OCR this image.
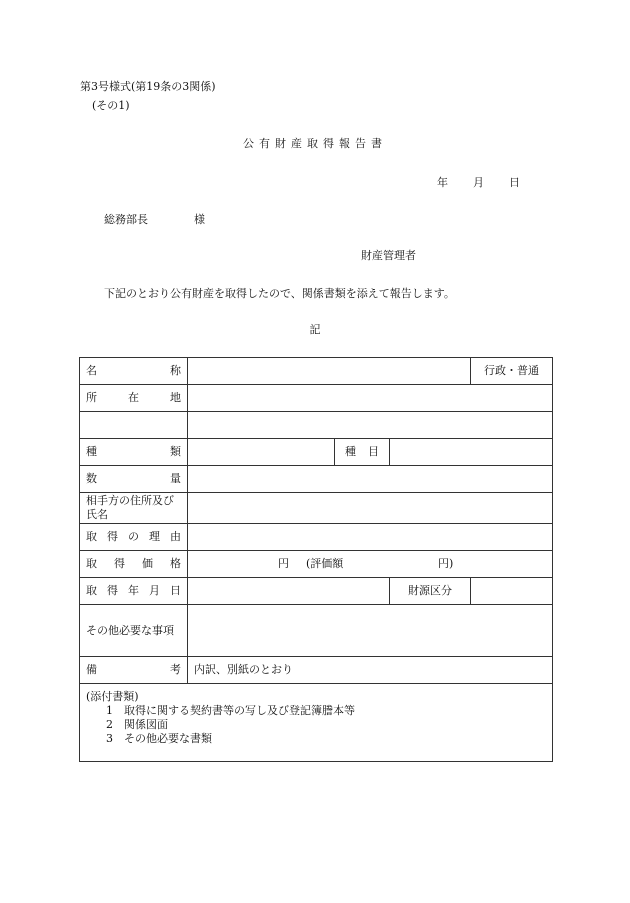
第3号様式(第19条の3関係)
(その1)
公有財産取得報告書
年 月 日
総務部長	様
財産管理者
下記のとおり公有財産を取得したので、関係書類を添えて報告します。
記
名称				行政・普通
所在地				

種類		種目		
数量				
相手方の住所及び氏名				
取得の理由				
取得価格	円 (評価額 円)			

取得年月日			財源区分	
その他必要な事項				
備考	内訳、別紙のとおり			

(添付書類)
1　取得に関する契約書等の写し及び登記簿謄本等
2　関係図面
3　その他必要な書類				
